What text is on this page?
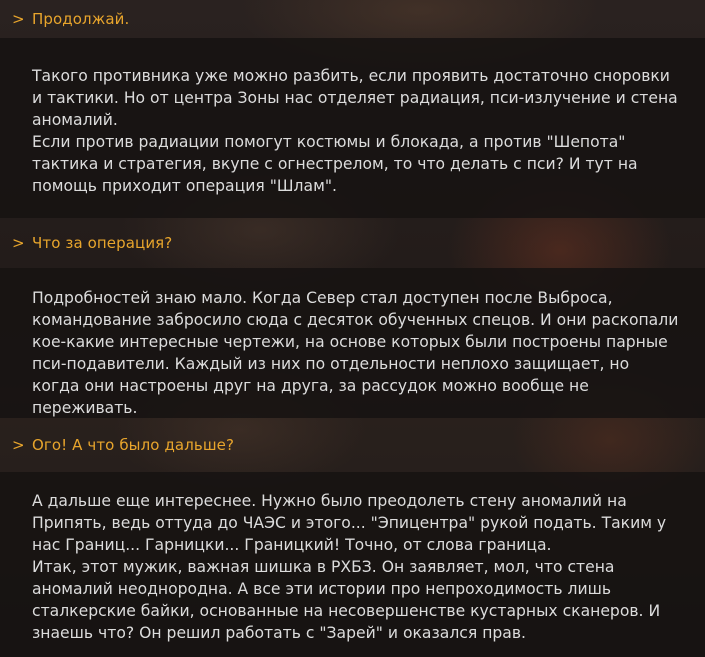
> Продолжай.

Такого противника уже можно разбить, если проявить достаточно сноровки и тактики. Но от центра Зоны нас отделяет радиация, пси-излучение и стена аномалий.

Если против радиации помогут костюмы и блокада, а против "Шепота" тактика и стратегия, вкупе с огнестрелом, то что делать с пси? И тут на помощь приходит операция "Шлам".

> Что за операция?

Подробностей знаю мало. Когда Север стал доступен после Выброса, командование забросило сюда с десяток обученных спецов. И они раскопали кое-какие интересные чертежи, на основе которых были построены парные пси-подавители. Каждый из них по отдельности неплохо защищает, но когда они настроены друг на друга, за рассудок можно вообще не переживать.

> Ого! А что было дальше?

А дальше еще интереснее. Нужно было преодолеть стену аномалий на Припять, ведь оттуда до ЧАЭС и этого... "Эпицентра" рукой подать. Таким у нас Границ... Гарницки... Границкий! Точно, от слова граница.

Итак, этот мужик, важная шишка в РХБЗ. Он заявляет, мол, что стена аномалий неоднородна. А все эти истории про непроходимость лишь сталкерские байки, основанные на несовершенстве кустарных сканеров. И знаешь что? Он решил работать с "Зарей" и оказался прав.
